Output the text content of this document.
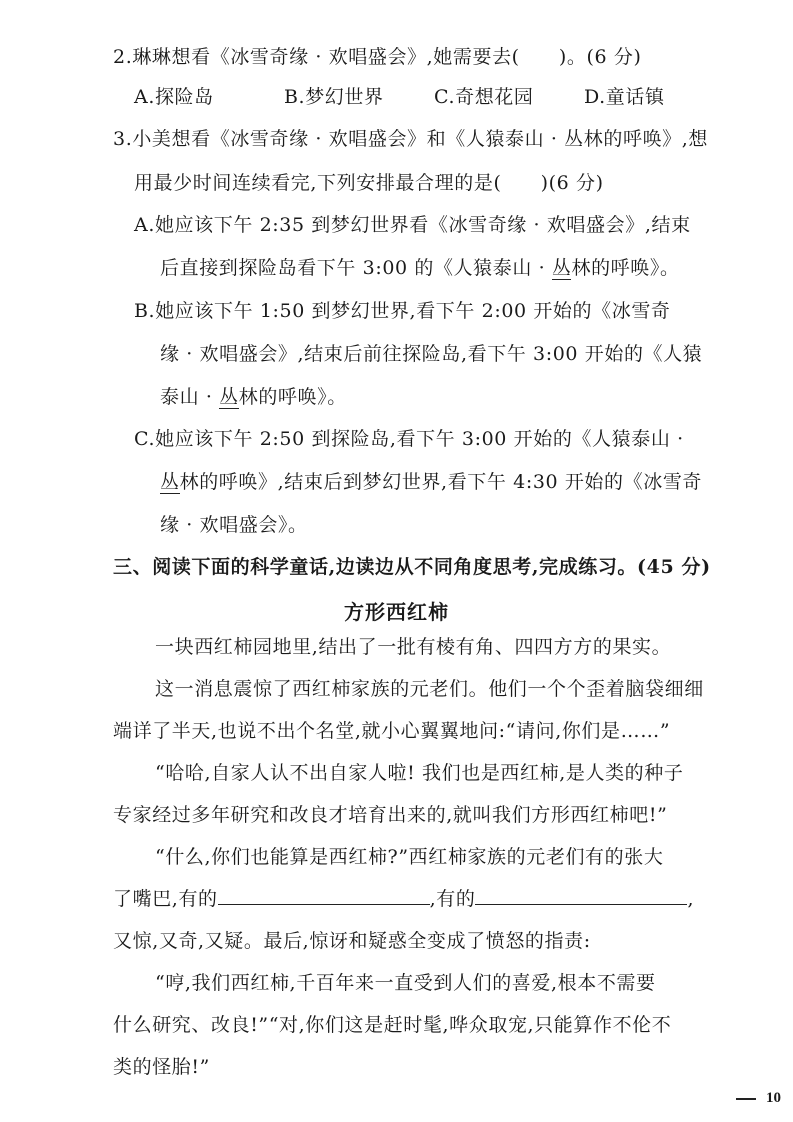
2.琳琳想看《冰雪奇缘 · 欢唱盛会》,她需要去(　　)。(6 分)
A.探险岛	B.梦幻世界	C.奇想花园	D.童话镇
3.小美想看《冰雪奇缘 · 欢唱盛会》和《人猿泰山 · 丛林的呼唤》,想
用最少时间连续看完,下列安排最合理的是(　　)(6 分)
A.她应该下午 2:35 到梦幻世界看《冰雪奇缘 · 欢唱盛会》,结束
后直接到探险岛看下午 3:00 的《人猿泰山 · 丛林的呼唤》。
B.她应该下午 1:50 到梦幻世界,看下午 2:00 开始的《冰雪奇
缘 · 欢唱盛会》,结束后前往探险岛,看下午 3:00 开始的《人猿
泰山 · 丛林的呼唤》。
C.她应该下午 2:50 到探险岛,看下午 3:00 开始的《人猿泰山 ·
丛林的呼唤》,结束后到梦幻世界,看下午 4:30 开始的《冰雪奇
缘 · 欢唱盛会》。
三、阅读下面的科学童话,边读边从不同角度思考,完成练习。(45 分)
方形西红柿
一块西红柿园地里,结出了一批有棱有角、四四方方的果实。
这一消息震惊了西红柿家族的元老们。他们一个个歪着脑袋细细
端详了半天,也说不出个名堂,就小心翼翼地问:“请问,你们是……”
“哈哈,自家人认不出自家人啦! 我们也是西红柿,是人类的种子
专家经过多年研究和改良才培育出来的,就叫我们方形西红柿吧!”
“什么,你们也能算是西红柿?”西红柿家族的元老们有的张大
了嘴巴,有的	,有的	,
又惊,又奇,又疑。最后,惊讶和疑惑全变成了愤怒的指责:
“哼,我们西红柿,千百年来一直受到人们的喜爱,根本不需要
什么研究、改良!”“对,你们这是赶时髦,哗众取宠,只能算作不伦不
类的怪胎!”
10
